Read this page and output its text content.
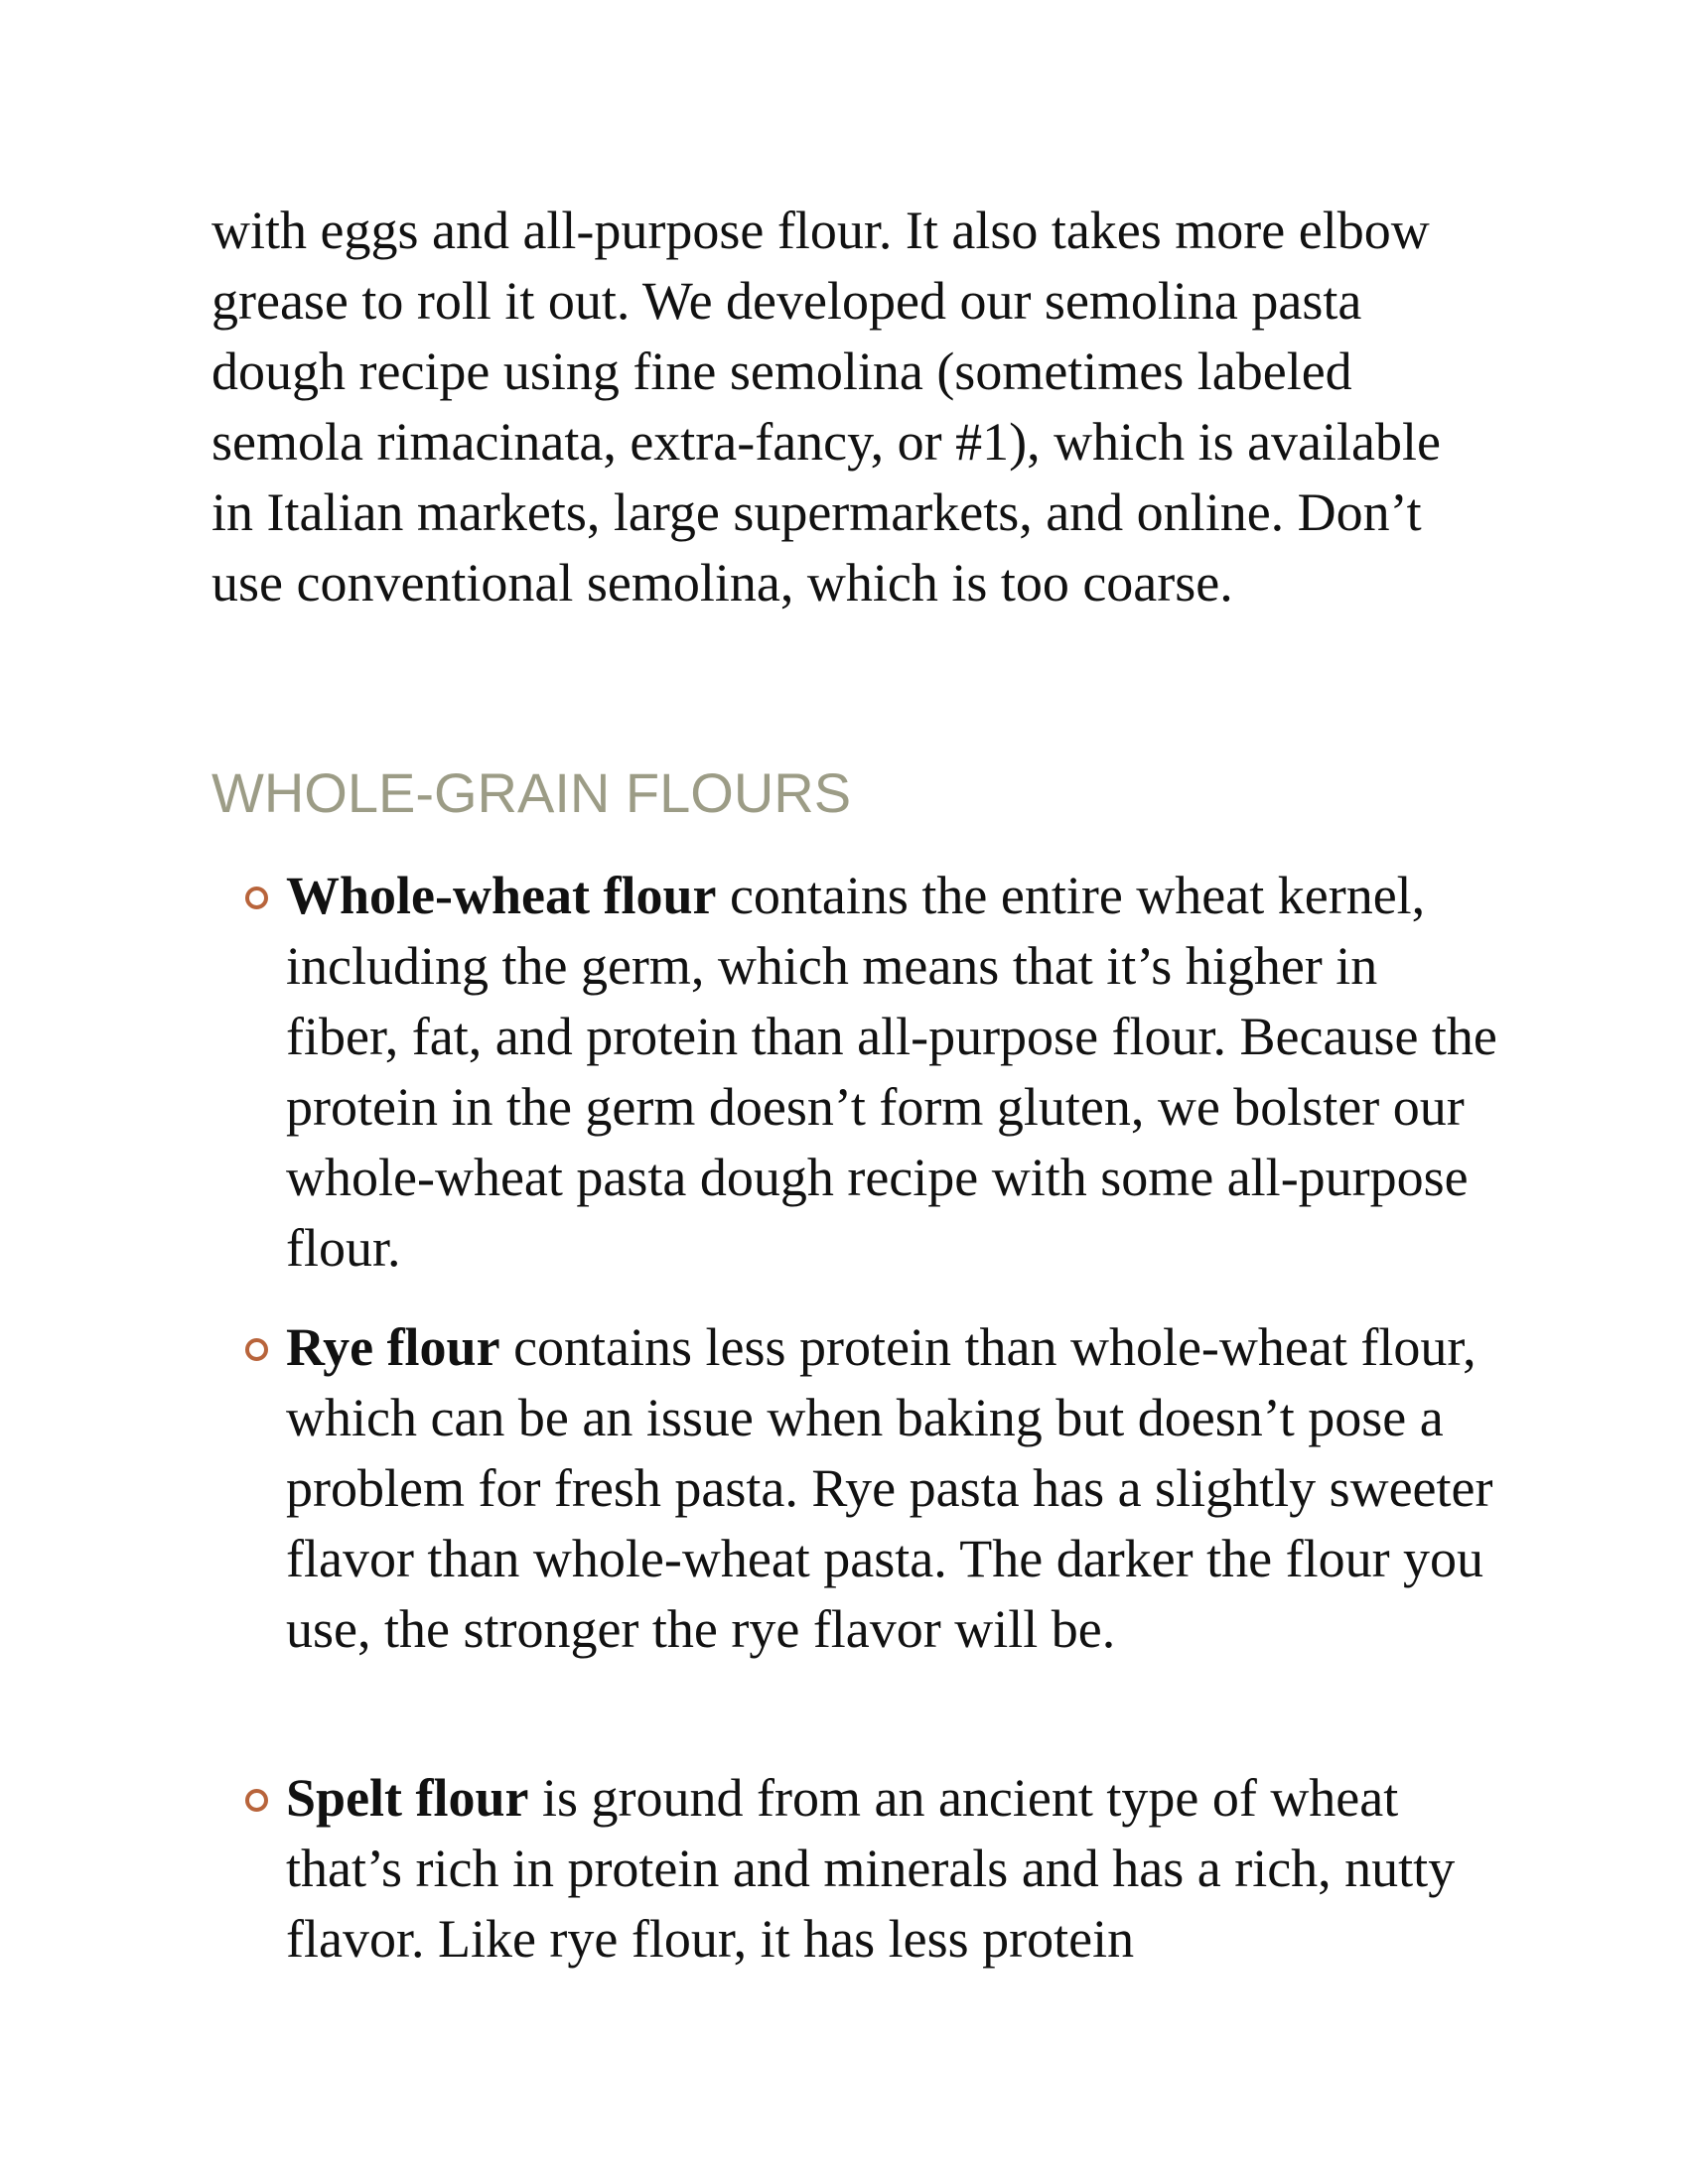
with eggs and all-purpose flour. It also takes more elbow grease to roll it out. We developed our semolina pasta dough recipe using fine semolina (sometimes labeled semola rimacinata, extra-fancy, or #1), which is available in Italian markets, large supermarkets, and online. Don’t use conventional semolina, which is too coarse.

WHOLE-GRAIN FLOURS

Whole-wheat flour contains the entire wheat kernel, including the germ, which means that it’s higher in fiber, fat, and protein than all-purpose flour. Because the protein in the germ doesn’t form gluten, we bolster our whole-wheat pasta dough recipe with some all-purpose flour.

Rye flour contains less protein than whole-wheat flour, which can be an issue when baking but doesn’t pose a problem for fresh pasta. Rye pasta has a slightly sweeter flavor than whole-wheat pasta. The darker the flour you use, the stronger the rye flavor will be.

Spelt flour is ground from an ancient type of wheat that’s rich in protein and minerals and has a rich, nutty flavor. Like rye flour, it has less protein
